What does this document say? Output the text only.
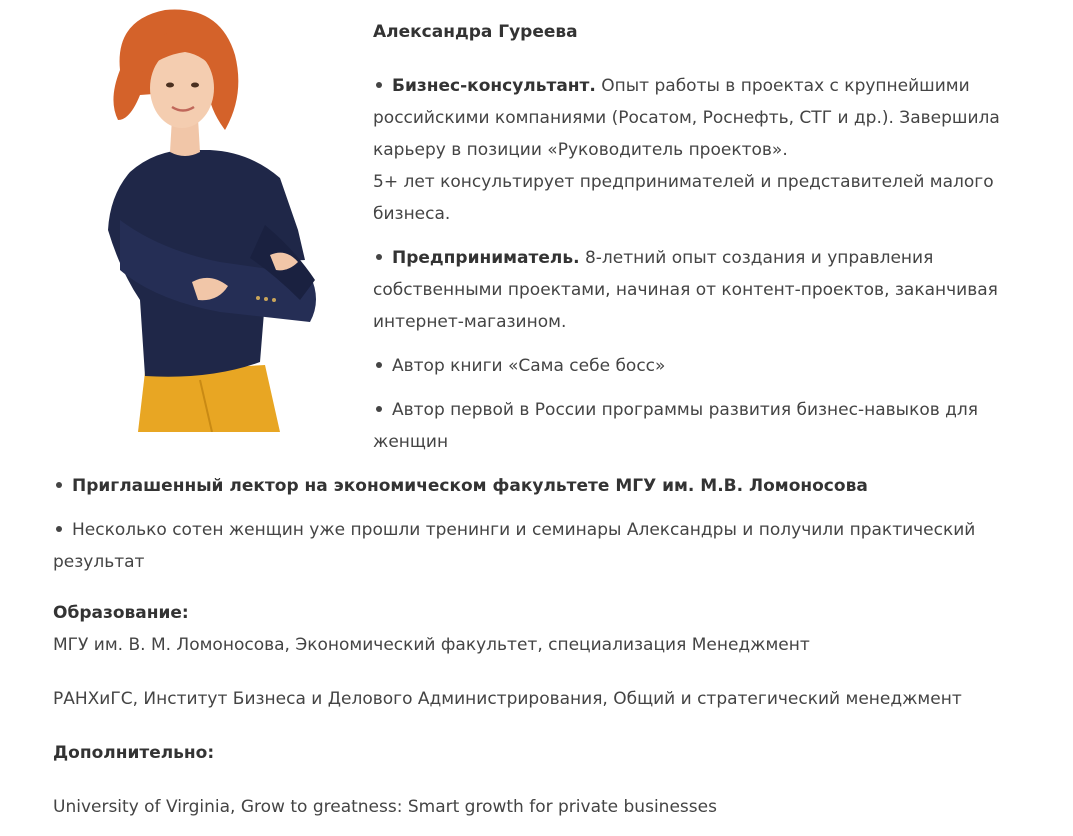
Александра Гуреева
Бизнес-консультант. Опыт работы в проектах с крупнейшими российскими компаниями (Росатом, Роснефть, СТГ и др.). Завершила карьеру в позиции «Руководитель проектов».
5+ лет консультирует предпринимателей и представителей малого бизнеса.
Предприниматель. 8-летний опыт создания и управления собственными проектами, начиная от контент-проектов, заканчивая интернет-магазином.
Автор книги «Сама себе босс»
Автор первой в России программы развития бизнес-навыков для женщин
Приглашенный лектор на экономическом факультете МГУ им. М.В. Ломоносова
Несколько сотен женщин уже прошли тренинги и семинары Александры и получили практический результат
Образование:
МГУ им. В. М. Ломоносова, Экономический факультет, специализация Менеджмент
РАНХиГС, Институт Бизнеса и Делового Администрирования, Общий и стратегический менеджмент
Дополнительно:
University of Virginia, Grow to greatness: Smart growth for private businesses
